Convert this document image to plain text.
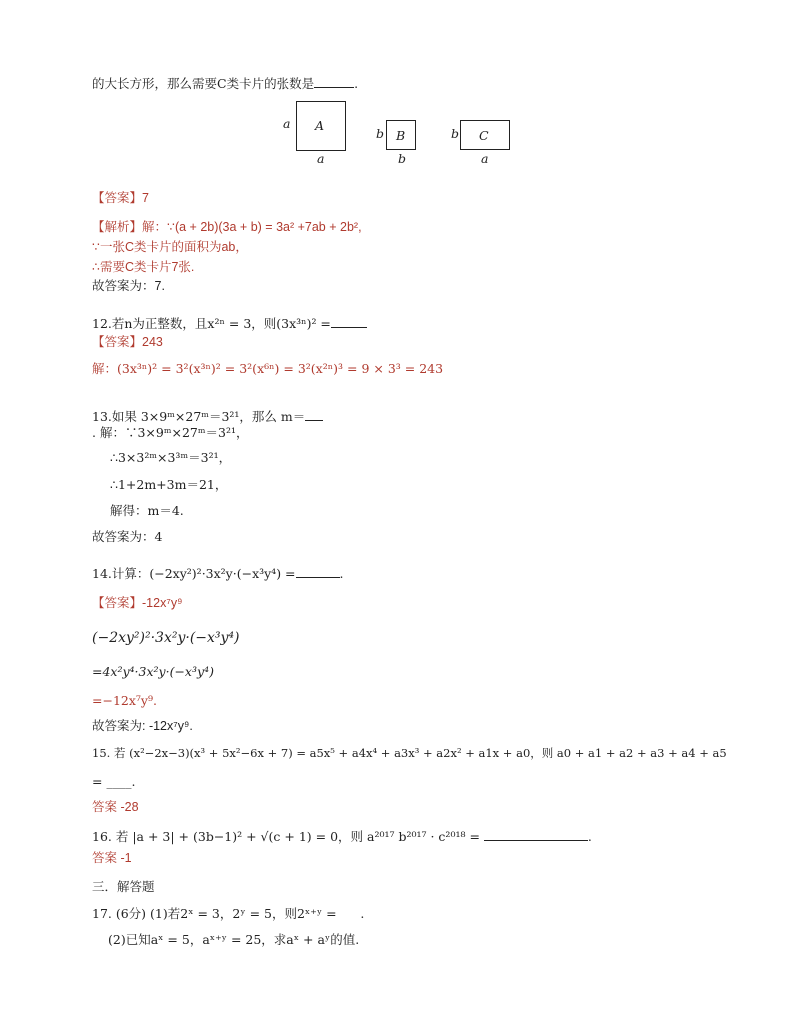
的大长方形，那么需要C类卡片的张数是	.
A
a
a
B
b
b
C
b
a
【答案】7
【解析】解：∵(a + 2b)(3a + b) = 3a² +7ab + 2b²,
∵一张C类卡片的面积为ab，
∴需要C类卡片7张.
故答案为：7.
12.若n为正整数，且x²ⁿ = 3，则(3x³ⁿ)² =
【答案】243
解：(3x³ⁿ)² = 3²(x³ⁿ)² = 3²(x⁶ⁿ) = 3²(x²ⁿ)³ = 9 × 3³ = 243
13.如果 3×9ᵐ×27ᵐ＝3²¹，那么 m＝
. 解：∵3×9ᵐ×27ᵐ＝3²¹，
∴3×3²ᵐ×3³ᵐ＝3²¹，
∴1+2m+3m＝21，
解得：m＝4.
故答案为：4
14.计算：(−2xy²)²·3x²y·(−x³y⁴) =	.
【答案】-12x⁷y⁹
(−2xy²)²·3x²y·(−x³y⁴)
=4x²y⁴·3x²y·(−x³y⁴)
=−12x⁷y⁹.
故答案为: -12x⁷y⁹.
15. 若 (x²−2x−3)(x³ + 5x²−6x + 7) = a5x⁵ + a4x⁴ + a3x³ + a2x² + a1x + a0，则 a0 + a1 + a2 + a3 + a4 + a5
= ____.
答案 -28
16. 若 |a + 3| + (3b−1)² + √(c + 1) = 0，则 a²⁰¹⁷ b²⁰¹⁷ · c²⁰¹⁸ =	.
答案 -1
三．解答题
17. (6分) (1)若2ˣ = 3，2ʸ = 5，则2ˣ⁺ʸ =      .
(2)已知aˣ = 5，aˣ⁺ʸ = 25，求aˣ + aʸ的值.
